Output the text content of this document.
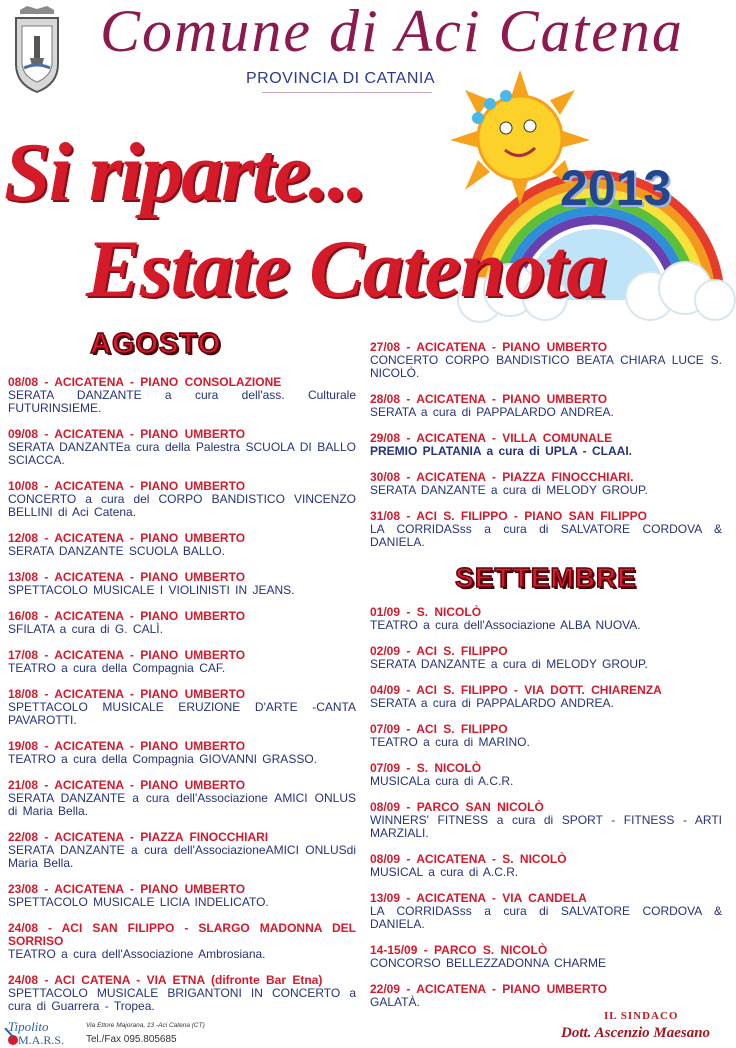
Comune di Aci Catena
PROVINCIA DI CATANIA
Si riparte...	2013
Estate Catenota
AGOSTO
08/08 - ACICATENA - PIANO CONSOLAZIONE
SERATA DANZANTE a cura dell'ass. Culturale FUTURINSIEME.
09/08 - ACICATENA - PIANO UMBERTO
SERATA DANZANTEa cura della Palestra SCUOLA DI BALLO SCIACCA.
10/08 - ACICATENA - PIANO UMBERTO
CONCERTO a cura del CORPO BANDISTICO VINCENZO BELLINI di Aci Catena.
12/08 - ACICATENA - PIANO UMBERTO
SERATA DANZANTE SCUOLA BALLO.
13/08 - ACICATENA - PIANO UMBERTO
SPETTACOLO MUSICALE I VIOLINISTI IN JEANS.
16/08 - ACICATENA - PIANO UMBERTO
SFILATA a cura di G. CALÌ.
17/08 - ACICATENA - PIANO UMBERTO
TEATRO a cura della Compagnia CAF.
18/08 - ACICATENA - PIANO UMBERTO
SPETTACOLO MUSICALE ERUZIONE D'ARTE -CANTA PAVAROTTI.
19/08 - ACICATENA - PIANO UMBERTO
TEATRO a cura della Compagnia GIOVANNI GRASSO.
21/08 - ACICATENA - PIANO UMBERTO
SERATA DANZANTE a cura dell'Associazione AMICI ONLUS di Maria Bella.
22/08 - ACICATENA - PIAZZA FINOCCHIARI
SERATA DANZANTE a cura dell'AssociazioneAMICI ONLUSdi Maria Bella.
23/08 - ACICATENA - PIANO UMBERTO
SPETTACOLO MUSICALE LICIA INDELICATO.
24/08 - ACI SAN FILIPPO - SLARGO MADONNA DEL SORRISO
TEATRO a cura dell'Associazione Ambrosiana.
24/08 - ACI CATENA - VIA ETNA (difronte Bar Etna)
SPETTACOLO MUSICALE BRIGANTONI IN CONCERTO a cura di Guarrera - Tropea.
27/08 - ACICATENA - PIANO UMBERTO
CONCERTO CORPO BANDISTICO BEATA CHIARA LUCE S. NICOLÒ.
28/08 - ACICATENA - PIANO UMBERTO
SERATA a cura di PAPPALARDO ANDREA.
29/08 - ACICATENA - VILLA COMUNALE
PREMIO PLATANIA a cura di UPLA - CLAAI.
30/08 - ACICATENA - PIAZZA FINOCCHIARI.
SERATA DANZANTE a cura di MELODY GROUP.
31/08 - ACI S. FILIPPO - PIANO SAN FILIPPO
LA CORRIDASss a cura di SALVATORE CORDOVA & DANIELA.
SETTEMBRE
01/09 - S. NICOLÒ
TEATRO a cura dell'Associazione ALBA NUOVA.
02/09 - ACI S. FILIPPO
SERATA DANZANTE a cura di MELODY GROUP.
04/09 - ACI S. FILIPPO - VIA DOTT. CHIARENZA
SERATA a cura di PAPPALARDO ANDREA.
07/09 - ACI S. FILIPPO
TEATRO a cura di MARINO.
07/09 - S. NICOLÒ
MUSICALa cura di A.C.R.
08/09 - PARCO SAN NICOLÒ
WINNERS' FITNESS a cura di SPORT - FITNESS - ARTI MARZIALI.
08/09 - ACICATENA - S. NICOLÒ
MUSICAL a cura di A.C.R.
13/09 - ACICATENA - VIA CANDELA
LA CORRIDASss a cura di SALVATORE CORDOVA & DANIELA.
14-15/09 - PARCO S. NICOLÒ
CONCORSO BELLEZZADONNA CHARME
22/09 - ACICATENA - PIANO UMBERTO
GALATÀ.
IL SINDACO
Dott. Ascenzio Maesano
Tipolito
M.A.R.S.
Via Ettore Majorana, 13 -Aci Catena (CT)
Tel./Fax 095.805685
